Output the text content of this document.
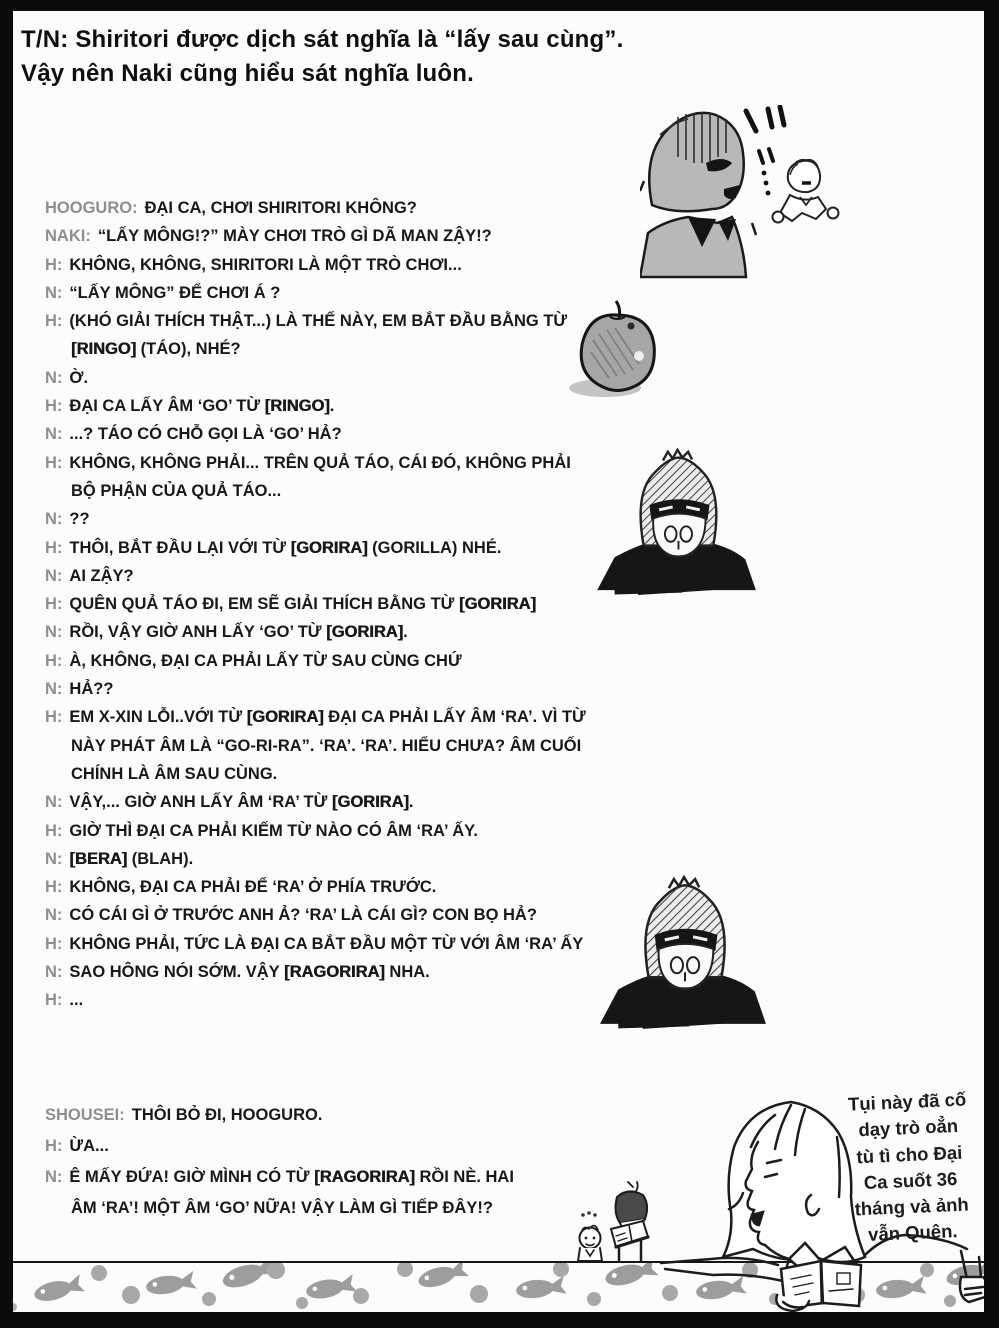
T/N: Shiritori được dịch sát nghĩa là “lấy sau cùng”.
Vậy nên Naki cũng hiểu sát nghĩa luôn.
HOOGURO: ĐẠI CA, CHƠI SHIRITORI KHÔNG?
NAKI: “LẤY MÔNG!?” MÀY CHƠI TRÒ GÌ DÃ MAN ZẬY!?
H: KHÔNG, KHÔNG, SHIRITORI LÀ MỘT TRÒ CHƠI...
N: “LẤY MÔNG” ĐỂ CHƠI Á ?
H: (KHÓ GIẢI THÍCH THẬT...) LÀ THẾ NÀY, EM BẮT ĐẦU BẰNG TỪ
[RINGO] (TÁO), NHÉ?
N: Ờ.
H: ĐẠI CA LẤY ÂM ‘GO’ TỪ [RINGO].
N: ...? TÁO CÓ CHỖ GỌI LÀ ‘GO’ HẢ?
H: KHÔNG, KHÔNG PHẢI... TRÊN QUẢ TÁO, CÁI ĐÓ, KHÔNG PHẢI
BỘ PHẬN CỦA QUẢ TÁO...
N: ??
H: THÔI, BẮT ĐẦU LẠI VỚI TỪ [GORIRA] (GORILLA) NHÉ.
N: AI ZẬY?
H: QUÊN QUẢ TÁO ĐI, EM SẼ GIẢI THÍCH BẰNG TỪ [GORIRA]
N: RỒI, VẬY GIỜ ANH LẤY ‘GO’ TỪ [GORIRA].
H: À, KHÔNG, ĐẠI CA PHẢI LẤY TỪ SAU CÙNG CHỨ
N: HẢ??
H: EM X-XIN LỖI..VỚI TỪ [GORIRA] ĐẠI CA PHẢI LẤY ÂM ‘RA’. VÌ TỪ
NÀY PHÁT ÂM LÀ “GO-RI-RA”. ‘RA’. ‘RA’. HIỂU CHƯA? ÂM CUỐI
CHÍNH LÀ ÂM SAU CÙNG.
N: VẬY,... GIỜ ANH LẤY ÂM ‘RA’ TỪ [GORIRA].
H: GIỜ THÌ ĐẠI CA PHẢI KIẾM TỪ NÀO CÓ ÂM ‘RA’ ẤY.
N: [BERA] (BLAH).
H: KHÔNG, ĐẠI CA PHẢI ĐỂ ‘RA’ Ở PHÍA TRƯỚC.
N: CÓ CÁI GÌ Ở TRƯỚC ANH Ả? ‘RA’ LÀ CÁI GÌ? CON BỌ HẢ?
H: KHÔNG PHẢI, TỨC LÀ ĐẠI CA BẮT ĐẦU MỘT TỪ VỚI ÂM ‘RA’ ẤY
N: SAO HÔNG NÓI SỚM. VẬY [RAGORIRA] NHA.
H: ...
SHOUSEI: THÔI BỎ ĐI, HOOGURO.
H: ỪA...
N: Ê MẤY ĐỨA! GIỜ MÌNH CÓ TỪ [RAGORIRA] RỒI NÈ. HAI
ÂM ‘RA’! MỘT ÂM ‘GO’ NỮA! VẬY LÀM GÌ TIẾP ĐÂY!?
Tụi này đã cố
dạy trò oẳn
tù tì cho Đại
Ca suốt 36
tháng và ảnh
vẫn Quên.
